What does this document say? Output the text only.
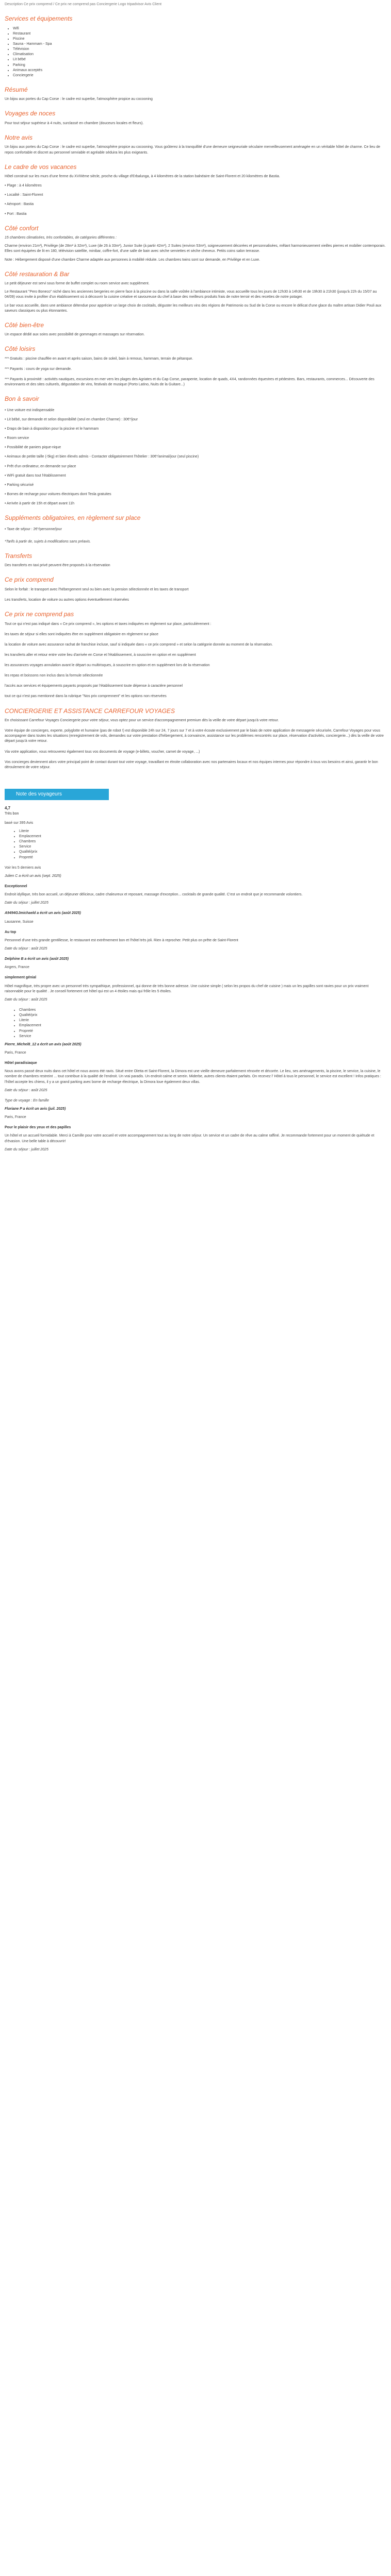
Description Ce prix comprend / Ce prix ne comprend pas Conciergerie Logo tripadvisor Avis Client
Services et équipements
• Wifi
• Restaurant
• Piscine
• Sauna - Hammam - Spa
• Télévision
• Climatisation
• Lit bébé
• Parking
• Animaux acceptés
• Conciergerie
Résumé

Un bijou aux portes du Cap Corse : le cadre est superbe, l'atmosphère propice au cocooning

Voyages de noces

Pour tout séjour supérieur à 4 nuits, surclassé en chambre (douceurs locales et fleurs).

Notre avis

Un bijou aux portes du Cap Corse : le cadre est superbe, l'atmosphère propice au cocooning. Vous goûterez à la tranquillité d'une demeure seigneuriale séculaire merveilleusement aménagée en un véritable hôtel de charme. Ce lieu de repos confortable et discret au personnel serviable et agréable séduira les plus exigeants.

Le cadre de vos vacances

Hôtel construit sur les murs d'une ferme du XVIIIème siècle, proche du village d'Erbalunga, à 4 kilomètres de la station balnéaire de Saint-Florent et 20 kilomètres de Bastia.

• Plage : à 4 kilomètres

• Localité : Saint-Florent

• Aéroport : Bastia

• Port : Bastia

Côté confort

15 chambres climatisées, très confortables, de catégories différentes :

Charme (environ 21m²), Privilège (de 28m² à 32m²), Luxe (de 26 à 33m²), Junior Suite (à partir 42m²), 2 Suites (environ 53m²), soigneusement décorées et personnalisées, mêlant harmonieusement vieilles pierres et mobilier contemporain. Elles sont équipées de lit en 180, télévision satellite, minibar, coffre-fort, d'une salle de bain avec sèche serviettes et sèche cheveux. Petits coins salon terrasse.

Note : Hébergement disposé d'une chambre Charme adaptée aux personnes à mobilité réduite. Les chambres twins sont sur demande, en Privilège et en Luxe.

Côté restauration & Bar

Le petit déjeuner est servi sous forme de buffet complet ou room service avec supplément.

Le Restaurant "Pero Boneco" niché dans les anciennes bergeries en pierre face à la piscine ou dans la salle voûtée à l'ambiance intimiste, vous accueille tous les jours de 12h30 à 14h30 et de 19h30 à 21h30 (jusqu'à 22h du 15/07 au 04/09) vous invite à profiter d'un établissement où à découvrir la cuisine créative et savoureuse du chef à base des meilleurs produits frais de notre terroir et des recettes de notre potager.

Le bar vous accueille, dans une ambiance détendue pour apprécier un large choix de cocktails, déguster les meilleurs vins des régions de Patrimonio ou Sud de la Corse ou encore le délicat d'une glace du maître artisan Didier Pouli aux saveurs classiques ou plus étonnantes.

Côté bien-être

Un espace dédié aux soins avec possibilité de gommages et massages sur réservation.

Côté loisirs

*** Gratuits : piscine chauffée en avant et après saison, bains de soleil, bain à remous, hammam, terrain de pétanque.

*** Payants : cours de yoga sur demande.

*** Payants à proximité : activités nautiques, excursions en mer vers les plages des Agriates et du Cap Corse, parapente, location de quads, 4X4, randonnées équestres et pédestres. Bars, restaurants, commerces... Découverte des environnants et des sites culturels, dégustation de vins, festivals de musique (Porto Latino, Nuits de la Guitare...)

Bon à savoir

• Une voiture est indispensable

• Lit bébé, sur demande et selon disponibilité (seul en chambre Charme) : 30€*/jour

• Draps de bain à disposition pour la piscine et le hammam

• Room service

• Possibilité de paniers pique-nique

• Animaux de petite taille (-5kg) et bien élevés admis - Contacter obligatoirement l'hôtelier : 30€*/animal/jour (seul piscine)

• Prêt d'un ordinateur, en demande sur place

• WiFi gratuit dans tout l'établissement

• Parking sécurisé

• Bornes de recharge pour voitures électriques dont Tesla gratuites

• Arrivée à partir de 15h et départ avant 11h

Suppléments obligatoires, en règlement sur place

• Taxe de séjour : 2€*/personne/jour

*Tarifs à partir de, sujets à modifications sans préavis.

Transferts

Des transferts en taxi privé peuvent être proposés à la réservation

Ce prix comprend

Selon le forfait : le transport avec l'hébergement seul ou bien avec la pension sélectionnée et les taxes de transport

Les transferts, location de voiture ou autres options éventuellement réservées

Ce prix ne comprend pas

Tout ce qui n'est pas indiqué dans « Ce prix comprend », les options et taxes indiquées en règlement sur place, particulièrement :

les taxes de séjour si elles sont indiquées être en supplément obligatoire en règlement sur place

la location de voiture avec assurance rachat de franchise incluse, sauf si indiquée dans « ce prix comprend » et selon la catégorie donnée au moment de la réservation.

les transferts aller et retour entre votre lieu d'arrivée en Corse et l'établissement, à souscrire en option et en supplément

les assurances voyages annulation avant le départ ou multirisques, à souscrire en option et en supplément lors de la réservation

les repas et boissons non inclus dans la formule sélectionnée

l'accès aux services et équipements payants proposés par l'établissement toute dépense à caractère personnel

tout ce qui n'est pas mentionné dans la rubrique "Nos prix comprennent" et les options non réservées

CONCIERGERIE ET ASSISTANCE CARREFOUR VOYAGES

En choisissant Carrefour Voyages Conciergerie pour votre séjour, vous optez pour un service d'accompagnement premium dès la veille de votre départ jusqu'à votre retour.

Votre équipe de concierges, experte, polyglotte et humaine (pas de robot !) est disponible 24h sur 24, 7 jours sur 7 et à votre écoute exclusivement par le biais de notre application de messagerie sécurisée, Carrefour Voyages pour vous accompagner dans toutes les situations (enregistrement de vols, demandes sur votre prestation d'hébergement, à convaincre, assistance sur les problèmes rencontrés sur place, réservation d'activités, conciergerie...) dès la veille de votre départ jusqu'à votre retour.

Via votre application, vous retrouverez également tous vos documents de voyage (e-billets, voucher, carnet de voyage, ...)

Vos concierges deviennent alors votre principal point de contact durant tout votre voyage, travaillant en étroite collaboration avec nos partenaires locaux et nos équipes internes pour répondre à tous vos besoins et ainsi, garantir le bon déroulement de votre séjour.

Note des voyageurs
4,7
Très bon

basé sur 395 Avis

• Literie
• Emplacement
• Chambres
• Service
• Qualité/prix
• Propreté

Voir les 5 derniers avis

Julien C a écrit un avis (sept. 2025)

Exceptionnel

Endroit idyllique, très bon accueil, un déjeuner délicieux, cadre chaleureux et reposant, massage d'exception... cocktails de grande qualité. C'est un endroit que je recommande volontiers.

Date du séjour : juillet 2025

A9494GJmichaeld a écrit un avis (août 2025)

Lausanne, Suisse

Au top

Personnel d'une très grande gentillesse, le restaurant est extrêmement bon et l'hôtel très joli. Rien à reprocher. Petit plus on prête de Saint-Florent

Date du séjour : août 2025

Delphine B a écrit un avis (août 2025)

Angers, France

simplement génial

Hôtel magnifique, très propre avec un personnel très sympathique, professionnel, qui donne de très bonne adresse. Une cuisine simple ( selon les propos du chef de cuisine ) mais un les papilles sont ravies pour un prix vraiment raisonnable pour le qualité . Je conseil fortement cet hôtel qui est un 4 étoiles mais qui frôle les 5 étoiles.

Date du séjour : août 2025

• Chambres
• Qualité/prix
• Literie
• Emplacement
• Propreté
• Service

Pierre_Michel8_12 a écrit un avis (août 2025)

Paris, France

Hôtel paradisiaque

Nous avons passé deux nuits dans cet hôtel et nous avons été ravis. Situé entre Oletta et Saint-Florent, la Dimora est une vieille demeure parfaitement rénovée et décorée. Le lieu, ses aménagements, la piscine, le service, la cuisine, le nombre de chambres restreint ... tout contribue à la qualité de l'endroit. Un vrai paradis. Un endroit calme et serein. Miderbe, autres clients étaient parfaits. On recevez l' Hôtel à tous le personnel, le service est excellent ! Infos pratiques : l'hôtel accepte les chiens, il y a un grand parking avec borne de recharge électrique, la Dimora loue également deux villas.

Date du séjour : août 2025

Type de voyage : En famille

Floriane P a écrit un avis (juil. 2025)

Paris, France

Pour le plaisir des yeux et des papilles

Un hôtel et un accueil formidable. Merci à Camille pour votre accueil et votre accompagnement tout au long de notre séjour. Un service et un cadre de rêve au calme raffiné. Je recommande fortement pour un moment de quiétude et d'évasion. Une belle table à découvrir!

Date du séjour : juillet 2025
